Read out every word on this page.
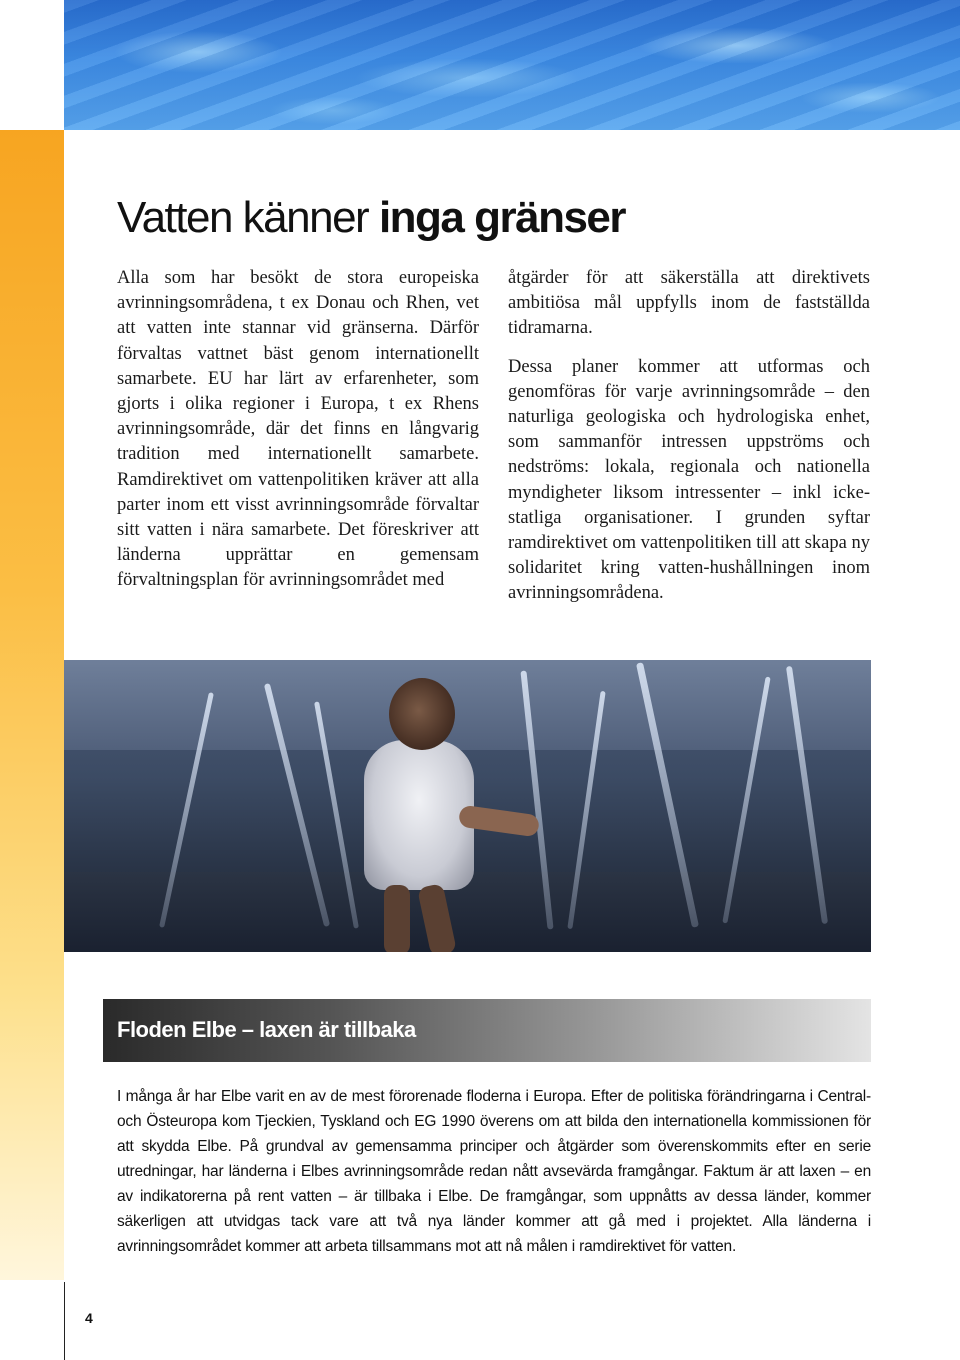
Vatten känner inga gränser

Alla som har besökt de stora europeiska avrinningsområdena, t ex Donau och Rhen, vet att vatten inte stannar vid gränserna. Därför förvaltas vattnet bäst genom internationellt samarbete. EU har lärt av erfarenheter, som gjorts i olika regioner i Europa, t ex Rhens avrinningsområde, där det finns en långvarig tradition med internationellt samarbete. Ramdirektivet om vattenpolitiken kräver att alla parter inom ett visst avrinningsområde förvaltar sitt vatten i nära samarbete. Det föreskriver att länderna upprättar en gemensam förvaltningsplan för avrinningsområdet med

åtgärder för att säkerställa att direktivets ambitiösa mål uppfylls inom de fastställda tidramarna.

Dessa planer kommer att utformas och genomföras för varje avrinningsområde – den naturliga geologiska och hydrologiska enhet, som sammanför intressen uppströms och nedströms: lokala, regionala och nationella myndigheter liksom intressenter – inkl icke-statliga organisationer. I grunden syftar ramdirektivet om vattenpolitiken till att skapa ny solidaritet kring vatten-hushållningen inom avrinningsområdena.

Floden Elbe – laxen är tillbaka

I många år har Elbe varit en av de mest förorenade floderna i Europa. Efter de politiska förändringarna i Central- och Östeuropa kom Tjeckien, Tyskland och EG 1990 överens om att bilda den internationella kommissionen för att skydda Elbe. På grundval av gemensamma principer och åtgärder som överenskommits efter en serie utredningar, har länderna i Elbes avrinningsområde redan nått avsevärda framgångar. Faktum är att laxen – en av indikatorerna på rent vatten – är tillbaka i Elbe. De framgångar, som uppnåtts av dessa länder, kommer säkerligen att utvidgas tack vare att två nya länder kommer att gå med i projektet. Alla länderna i avrinningsområdet kommer att arbeta tillsammans mot att nå målen i ramdirektivet för vatten.

4
